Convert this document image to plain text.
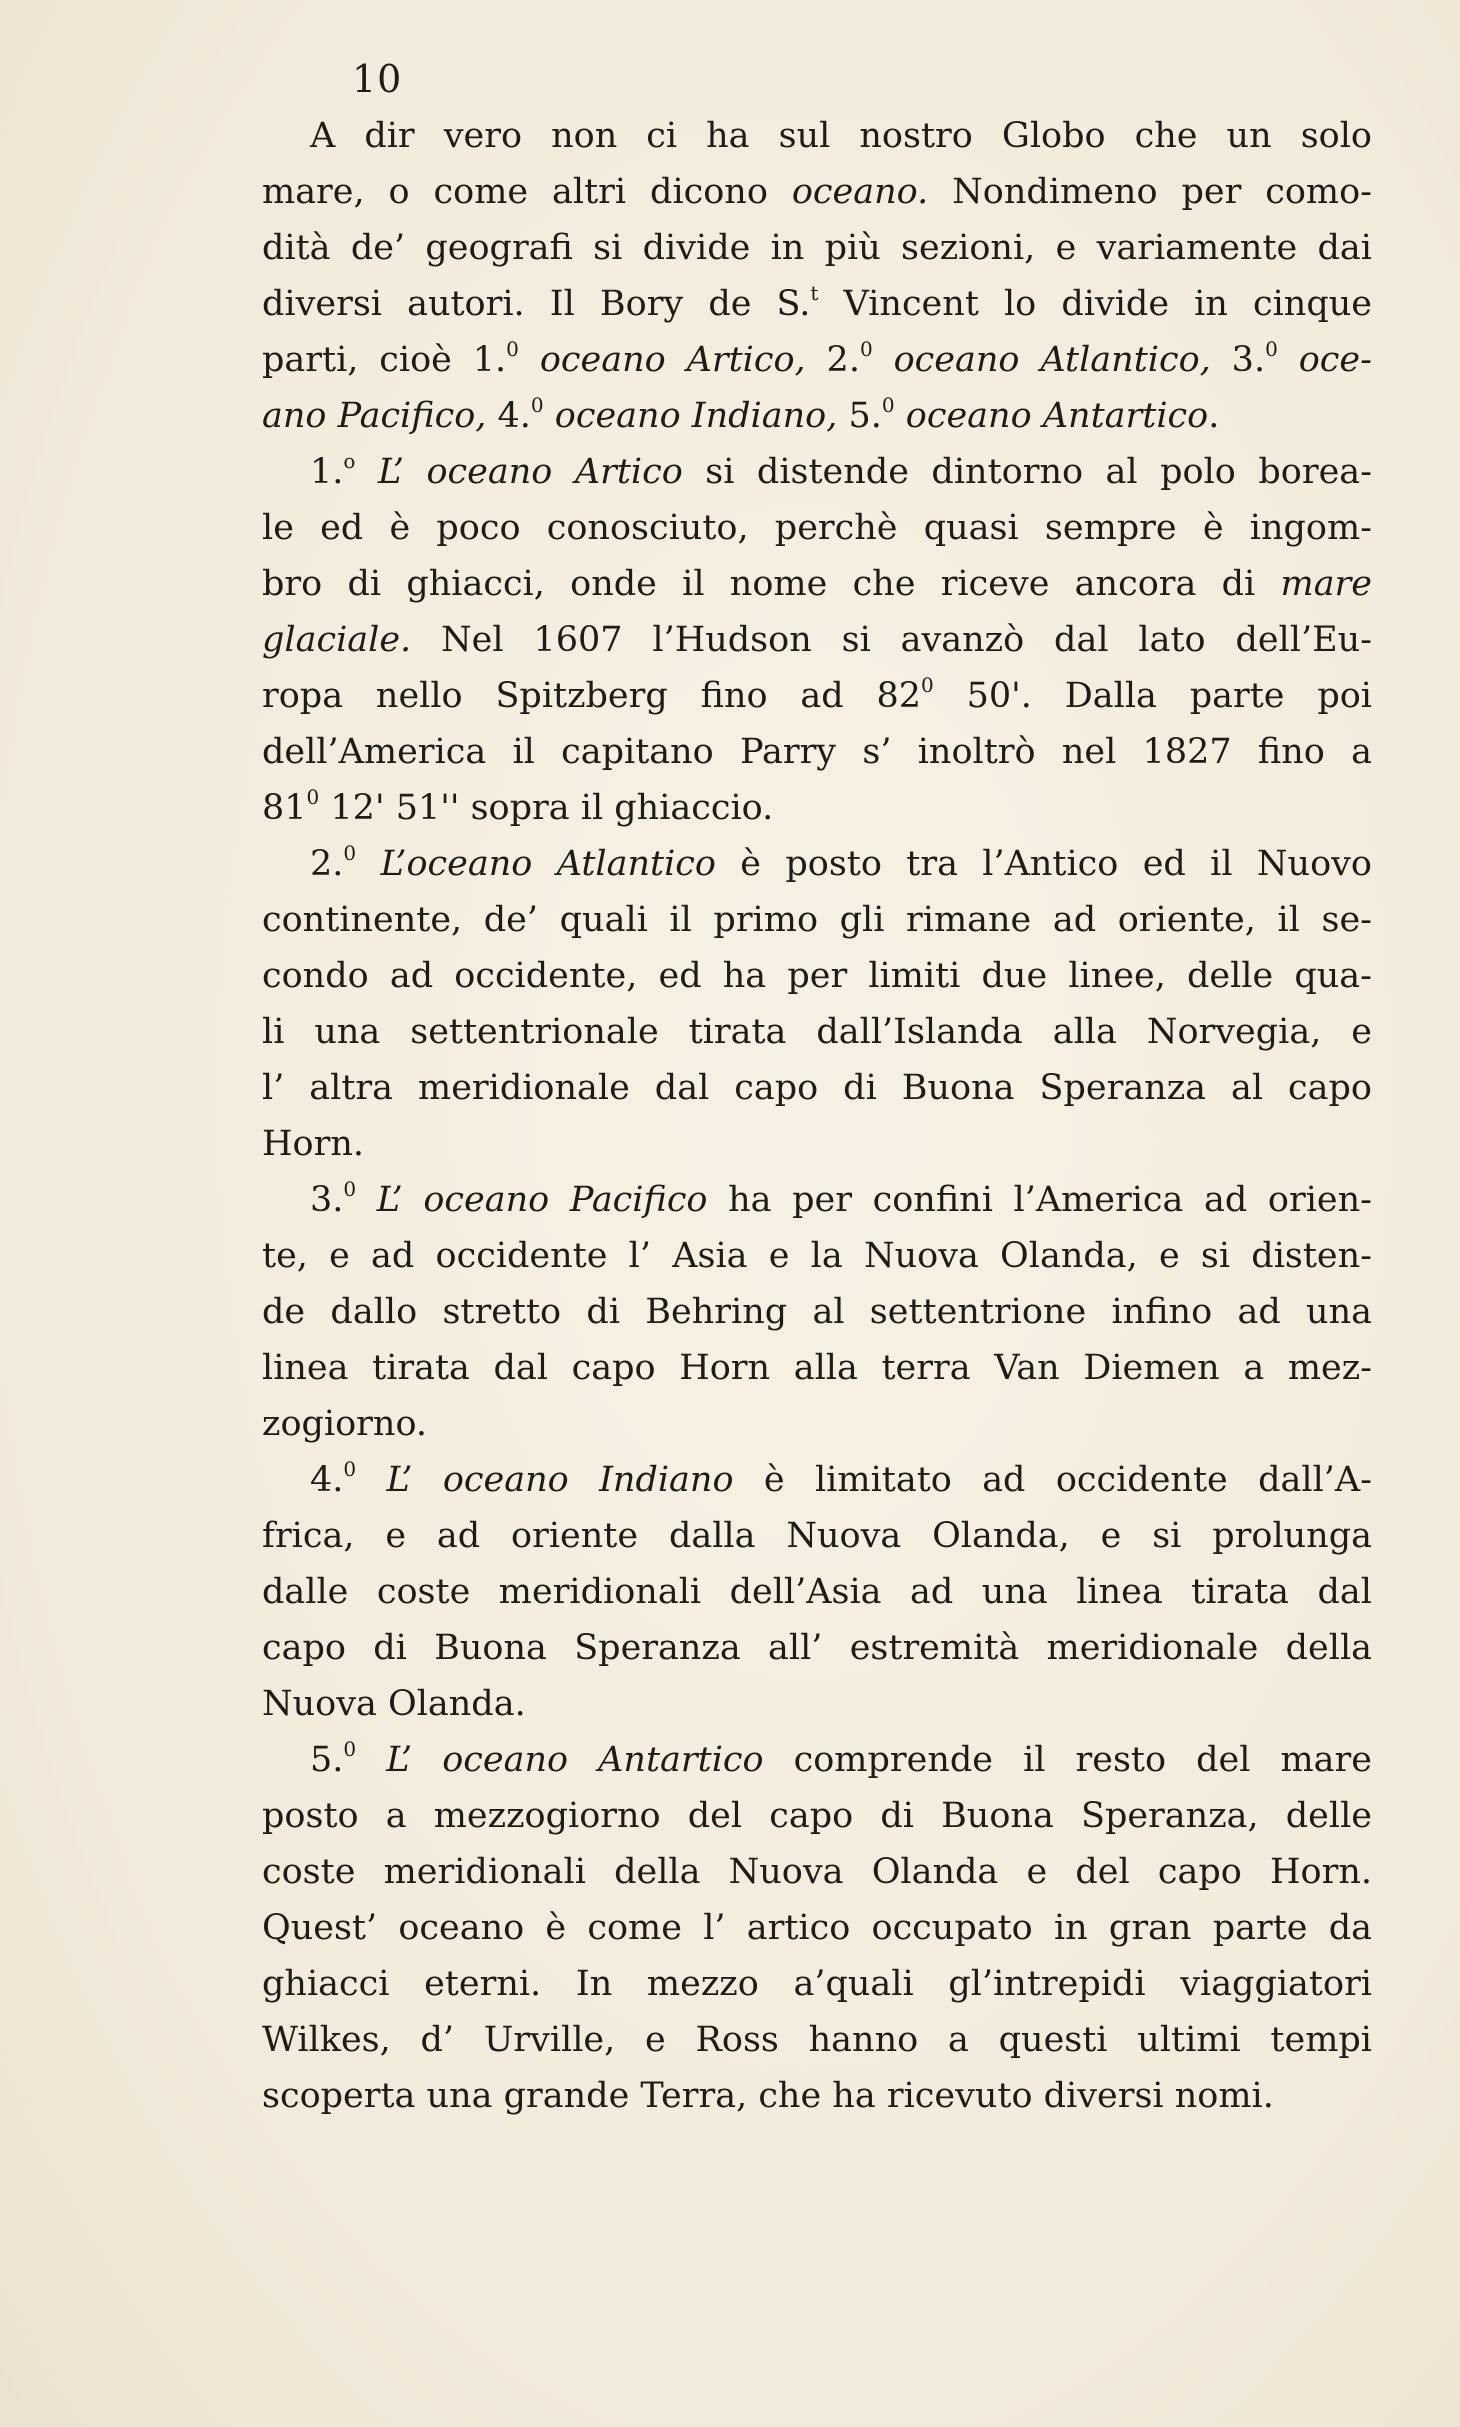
10
A dir vero non ci ha sul nostro Globo che un solo
mare, o come altri dicono oceano. Nondimeno per como-
dità de’ geografi si divide in più sezioni, e variamente dai
diversi autori. Il Bory de S.$^t$ Vincent lo divide in cinque
parti, cioè 1.$^0$ oceano Artico, 2.$^0$ oceano Atlantico, 3.$^0$ oce-
ano Pacifico, 4.$^0$ oceano Indiano, 5.$^0$ oceano Antartico.
1.$^o$ L’ oceano Artico si distende dintorno al polo borea-
le ed è poco conosciuto, perchè quasi sempre è ingom-
bro di ghiacci, onde il nome che riceve ancora di mare
glaciale. Nel 1607 l’Hudson si avanzò dal lato dell’Eu-
ropa nello Spitzberg fino ad $82^0$ 50'. Dalla parte poi
dell’America il capitano Parry s’ inoltrò nel 1827 fino a
$81^0$ 12' 51'' sopra il ghiaccio.
2.$^0$ L’oceano Atlantico è posto tra l’Antico ed il Nuovo
continente, de’ quali il primo gli rimane ad oriente, il se-
condo ad occidente, ed ha per limiti due linee, delle qua-
li una settentrionale tirata dall’Islanda alla Norvegia, e
l’ altra meridionale dal capo di Buona Speranza al capo
Horn.
3.$^0$ L’ oceano Pacifico ha per confini l’America ad orien-
te, e ad occidente l’ Asia e la Nuova Olanda, e si disten-
de dallo stretto di Behring al settentrione infino ad una
linea tirata dal capo Horn alla terra Van Diemen a mez-
zogiorno.
4.$^0$ L’ oceano Indiano è limitato ad occidente dall’A-
frica, e ad oriente dalla Nuova Olanda, e si prolunga
dalle coste meridionali dell’Asia ad una linea tirata dal
capo di Buona Speranza all’ estremità meridionale della
Nuova Olanda.
5.$^0$ L’ oceano Antartico comprende il resto del mare
posto a mezzogiorno del capo di Buona Speranza, delle
coste meridionali della Nuova Olanda e del capo Horn.
Quest’ oceano è come l’ artico occupato in gran parte da
ghiacci eterni. In mezzo a’quali gl’intrepidi viaggiatori
Wilkes, d’ Urville, e Ross hanno a questi ultimi tempi
scoperta una grande Terra, che ha ricevuto diversi nomi.
